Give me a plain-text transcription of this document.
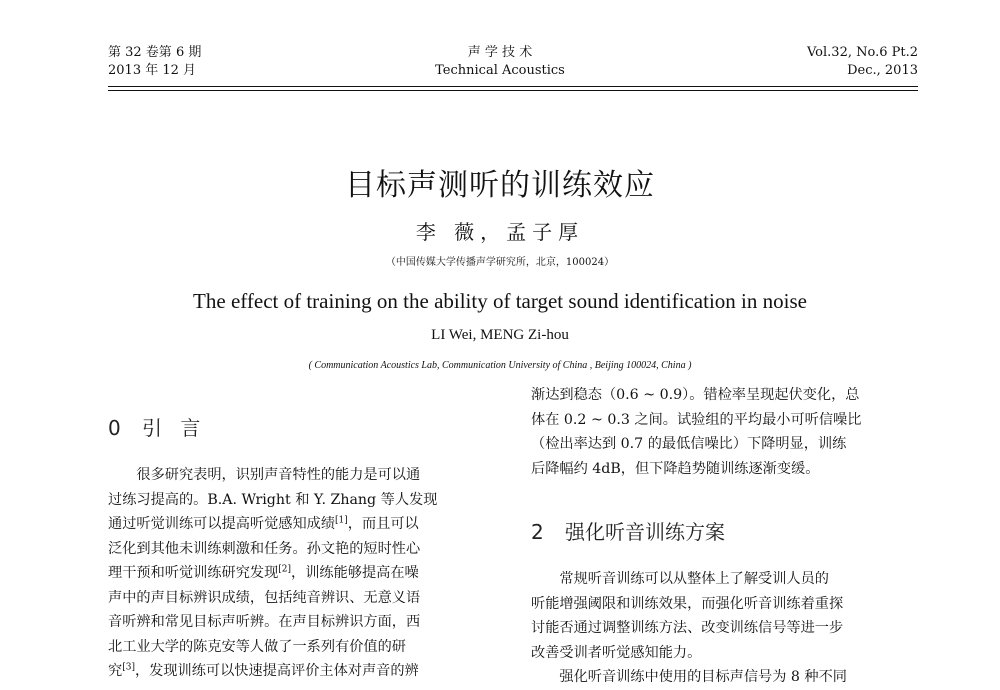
第 32 卷第 6 期
2013 年 12 月
声 学 技 术
Technical Acoustics
Vol.32, No.6 Pt.2
Dec., 2013
目标声测听的训练效应
李 薇，孟子厚
（中国传媒大学传播声学研究所，北京，100024）
The effect of training on the ability of target sound identification in noise
LI Wei, MENG Zi-hou
( Communication Acoustics Lab, Communication University of China , Beijing 100024, China )
0 引 言
　　很多研究表明，识别声音特性的能力是可以通
过练习提高的。B.A. Wright 和 Y. Zhang 等人发现
通过听觉训练可以提高听觉感知成绩[1]，而且可以
泛化到其他未训练刺激和任务。孙文艳的短时性心
理干预和听觉训练研究发现[2]，训练能够提高在噪
声中的声目标辨识成绩，包括纯音辨识、无意义语
音听辨和常见目标声听辨。在声目标辨识方面，西
北工业大学的陈克安等人做了一系列有价值的研
究[3]，发现训练可以快速提高评价主体对声音的辨
渐达到稳态（0.6 ~ 0.9）。错检率呈现起伏变化，总
体在 0.2 ~ 0.3 之间。试验组的平均最小可听信噪比
（检出率达到 0.7 的最低信噪比）下降明显，训练
后降幅约 4dB，但下降趋势随训练逐渐变缓。
2 强化听音训练方案
　　常规听音训练可以从整体上了解受训人员的
听能增强阈限和训练效果，而强化听音训练着重探
讨能否通过调整训练方法、改变训练信号等进一步
改善受训者听觉感知能力。
　　强化听音训练中使用的目标声信号为 8 种不同
